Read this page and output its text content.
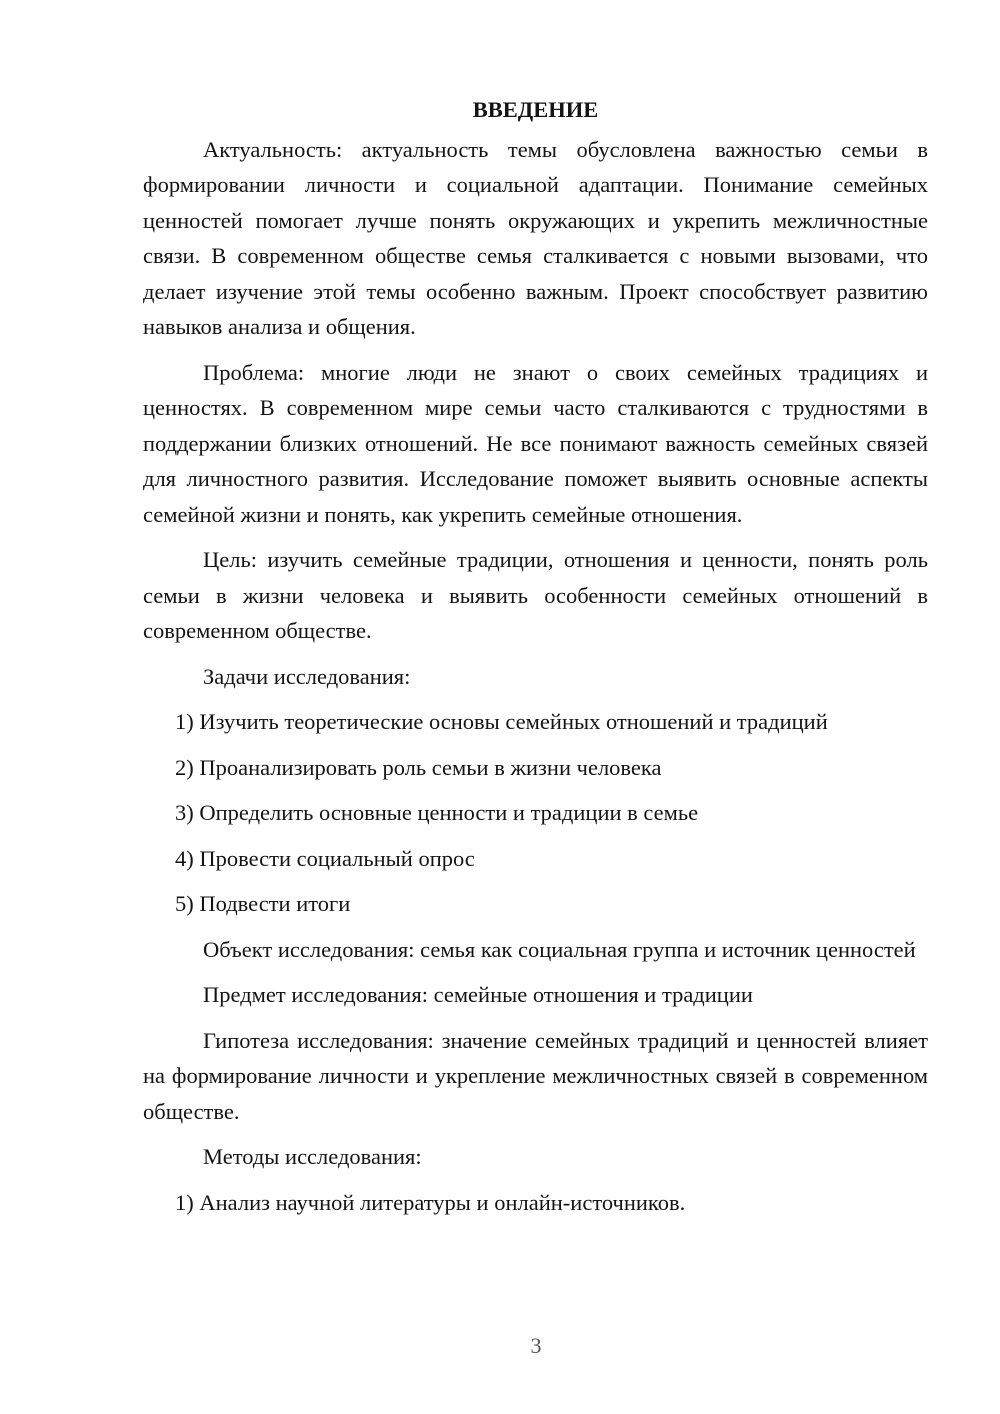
ВВЕДЕНИЕ

Актуальность: актуальность темы обусловлена важностью семьи в формировании личности и социальной адаптации. Понимание семейных ценностей помогает лучше понять окружающих и укрепить межличностные связи. В современном обществе семья сталкивается с новыми вызовами, что делает изучение этой темы особенно важным. Проект способствует развитию навыков анализа и общения.

Проблема: многие люди не знают о своих семейных традициях и ценностях. В современном мире семьи часто сталкиваются с трудностями в поддержании близких отношений. Не все понимают важность семейных связей для личностного развития. Исследование поможет выявить основные аспекты семейной жизни и понять, как укрепить семейные отношения.

Цель: изучить семейные традиции, отношения и ценности, понять роль семьи в жизни человека и выявить особенности семейных отношений в современном обществе.

Задачи исследования:

1) Изучить теоретические основы семейных отношений и традиций
2) Проанализировать роль семьи в жизни человека
3) Определить основные ценности и традиции в семье
4) Провести социальный опрос
5) Подвести итоги

Объект исследования: семья как социальная группа и источник ценностей

Предмет исследования: семейные отношения и традиции

Гипотеза исследования: значение семейных традиций и ценностей влияет на формирование личности и укрепление межличностных связей в современном обществе.

Методы исследования:

1) Анализ научной литературы и онлайн-источников.
3
